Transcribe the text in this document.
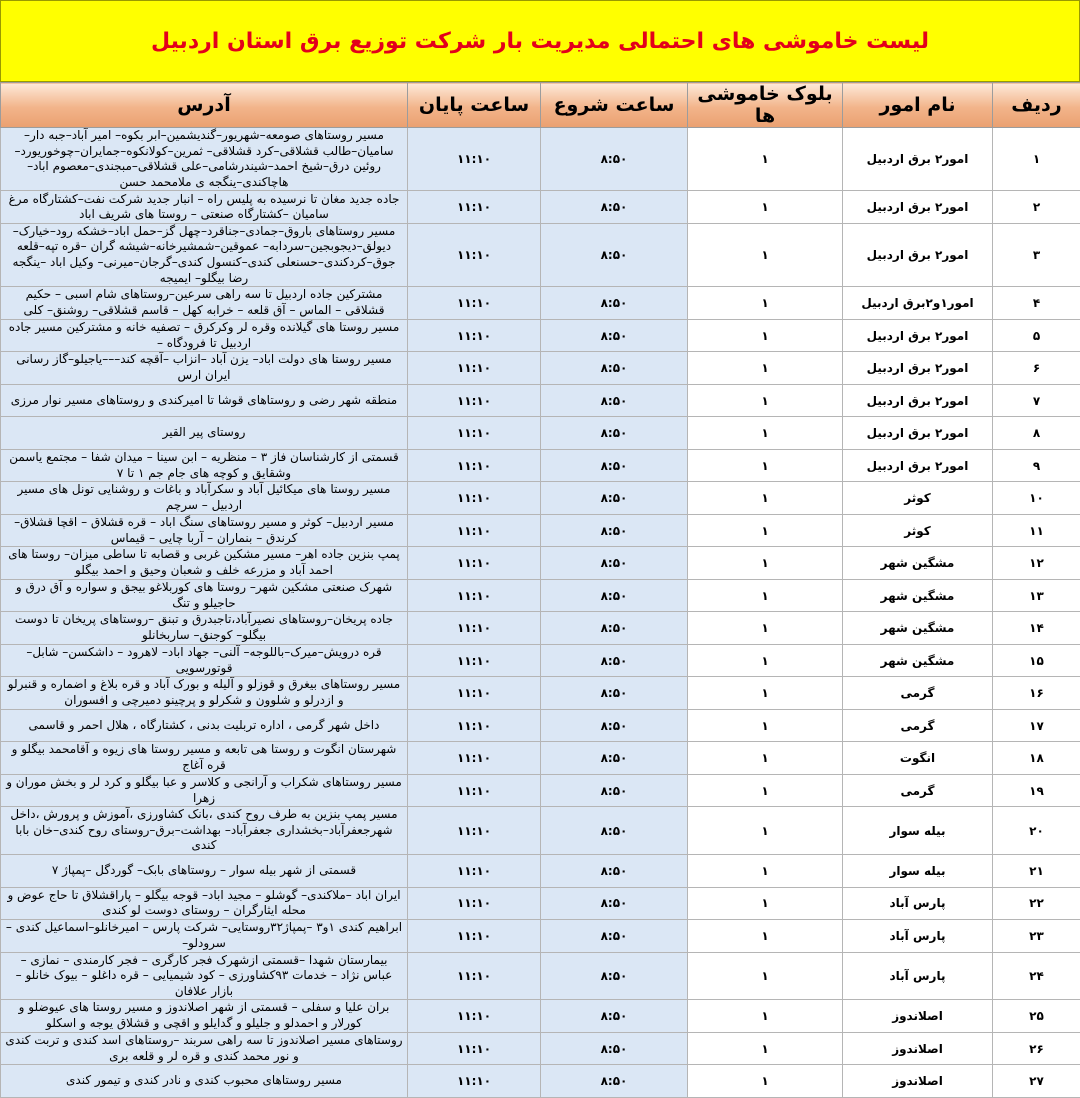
لیست خاموشی های احتمالی مدیریت بار شرکت توزیع برق استان اردبیل
ردیف	نام امور	بلوک خاموشی ها	ساعت شروع	ساعت پایان	آدرس
۱	امور۲ برق اردبیل	۱	۸:۵۰	۱۱:۱۰	مسیر روستاهای صومعه–شهریور–گندیشمین–ابر بکوه– امیر آباد–جبه دار–سامیان–طالب قشلاقی–کرد قشلاقی– ثمرین–کولانکوه–جمایران–چوخوریورد–روئین درق–شیخ احمد–شیندرشامی–علی قشلاقی–مبجندی–معصوم اباد– هاچاکندی–ینگجه ی ملامحمد حسن
۲	امور۲ برق اردبیل	۱	۸:۵۰	۱۱:۱۰	جاده جدید مغان تا نرسیده به پلیس راه – انبار جدید شرکت نفت–کشتارگاه مرغ سامیان –کشتارگاه صنعتی – روستا های شریف اباد
۳	امور۲ برق اردبیل	۱	۸:۵۰	۱۱:۱۰	مسیر روستاهای باروق–جمادی–جناقرد–چهل گز–حمل اباد–خشکه رود–خیارک–دیولق–دیجوبجین–سردابه– عموقین–شمشیرخانه–شیشه گران –قره تپه–قلعه جوق–کردکندی–حسنعلی کندی–کنسول کندی–گرجان–میرنی– وکیل اباد –ینگجه رضا بیگلو– ایمیجه
۴	امور۱و۲برق اردبیل	۱	۸:۵۰	۱۱:۱۰	مشترکین جاده اردبیل تا سه راهی سرعین–روستاهای شام اسبی – حکیم قشلاقی – الماس – آق قلعه – خرابه کهل – قاسم قشلاقی– روشنق– کلی
۵	امور۲ برق اردبیل	۱	۸:۵۰	۱۱:۱۰	مسیر روستا های گیلانده وقره لر وکرکرق – تصفیه خانه و مشترکین مسیر جاده اردبیل تا فرودگاه –
۶	امور۲ برق اردبیل	۱	۸:۵۰	۱۱:۱۰	مسیر روستا های دولت اباد– یزن آباد –انزاب –آقچه کند–––یاجیلو–گاز رسانی ایران ارس
۷	امور۲ برق اردبیل	۱	۸:۵۰	۱۱:۱۰	منطقه شهر رضی و روستاهای قوشا تا امیرکندی و روستاهای مسیر نوار مرزی
۸	امور۲ برق اردبیل	۱	۸:۵۰	۱۱:۱۰	روستای پیر القیر
۹	امور۲ برق اردبیل	۱	۸:۵۰	۱۱:۱۰	قسمتی از کارشناسان فاز ۳ – منظریه – ابن سینا – میدان شفا – مجتمع یاسمن وشقایق و کوچه های جام جم ۱ تا ۷
۱۰	کوثر	۱	۸:۵۰	۱۱:۱۰	مسیر روستا های میکائیل آباد و سکرآباد و باغات و روشنایی تونل های مسیر اردبیل – سرچم
۱۱	کوثر	۱	۸:۵۰	۱۱:۱۰	مسیر اردبیل– کوثر و مسیر روستاهای سنگ اباد – قره قشلاق – اقچا قشلاق–کرندق – بنماران – آربا چایی – قیماس
۱۲	مشگین شهر	۱	۸:۵۰	۱۱:۱۰	پمپ بنزین جاده اهر– مسیر مشکین غربی و قصابه تا ساطی میزان– روستا های احمد آباد و مزرعه خلف و شعبان وحیق و احمد بیگلو
۱۳	مشگین شهر	۱	۸:۵۰	۱۱:۱۰	شهرک صنعتی مشکین شهر– روستا های کوربلاغو بیجق و سواره و آق درق و حاجیلو و تنگ
۱۴	مشگین شهر	۱	۸:۵۰	۱۱:۱۰	جاده پریخان–روستاهای نصیرآباد،تاجبدرق و تبنق –روستاهای پریخان تا دوست بیگلو– کوجنق– ساربخانلو
۱۵	مشگین شهر	۱	۸:۵۰	۱۱:۱۰	قره درویش–میرک–باللوجه– آلنی– جهاد اباد– لاهرود – داشکسن– شابل– قوتورسویی
۱۶	گرمی	۱	۸:۵۰	۱۱:۱۰	مسیر روستاهای بیغرق و قوزلو و آلیله و بورک آباد و قره بلاغ و اضماره و قنبرلو و ازدرلو و شلوون و شکرلو و پرچینو دمیرچی و افسوران
۱۷	گرمی	۱	۸:۵۰	۱۱:۱۰	داخل شهر گرمی ، اداره تربلیت بدنی ، کشتارگاه ، هلال احمر و قاسمی
۱۸	انگوت	۱	۸:۵۰	۱۱:۱۰	شهرستان انگوت و روستا هی تابعه و مسیر روستا های زیوه و آقامحمد بیگلو و قره آغاج
۱۹	گرمی	۱	۸:۵۰	۱۱:۱۰	مسیر روستاهای شکراب و آرانجی و کلاسر و عبا بیگلو و کرد لر و بخش موران و زهرا
۲۰	بیله سوار	۱	۸:۵۰	۱۱:۱۰	مسیر پمپ بنزین به طرف روح کندی ،بانک کشاورزی ،آموزش و پرورش ،داخل شهرجعفرآباد–بخشداری جعفرآباد– بهداشت–برق–روستای روح کندی–خان بابا کندی
۲۱	بیله سوار	۱	۸:۵۰	۱۱:۱۰	قسمتی از شهر بیله سوار – روستاهای بابک– گوردگل –پمپاژ ۷
۲۲	پارس آباد	۱	۸:۵۰	۱۱:۱۰	ایران اباد –ملاکندی– گوشلو – مجید اباد– قوجه بیگلو – پاراقشلاق تا حاج عوض و محله ایثارگران – روستای دوست لو کندی
۲۳	پارس آباد	۱	۸:۵۰	۱۱:۱۰	ابراهیم کندی ۱و۳ –پمپاژ۳۲روستایی– شرکت پارس – امیرخانلو–اسماعیل کندی – سرودلو–
۲۴	پارس آباد	۱	۸:۵۰	۱۱:۱۰	بیمارستان شهدا –قسمتی ازشهرک فجر کارگری – فجر کارمندی – نمازی – عباس نژاد – خدمات ۹۳کشاورزی – کود شیمیایی – قره داغلو – بیوک خانلو – بازار علافان
۲۵	اصلاندوز	۱	۸:۵۰	۱۱:۱۰	بران علیا و سفلی – قسمتی از شهر اصلاندوز و مسیر روستا های عیوضلو و کورلار و احمدلو و جلیلو و گدایلو و اقچی و قشلاق یوجه و اسکلو
۲۶	اصلاندوز	۱	۸:۵۰	۱۱:۱۰	روستاهای مسیر اصلاندوز تا سه راهی سربند –روستاهای اسد کندی و تربت کندی و نور محمد کندی و قره لر و قلعه بری
۲۷	اصلاندوز	۱	۸:۵۰	۱۱:۱۰	مسیر روستاهای محبوب کندی و نادر کندی و تیمور کندی
